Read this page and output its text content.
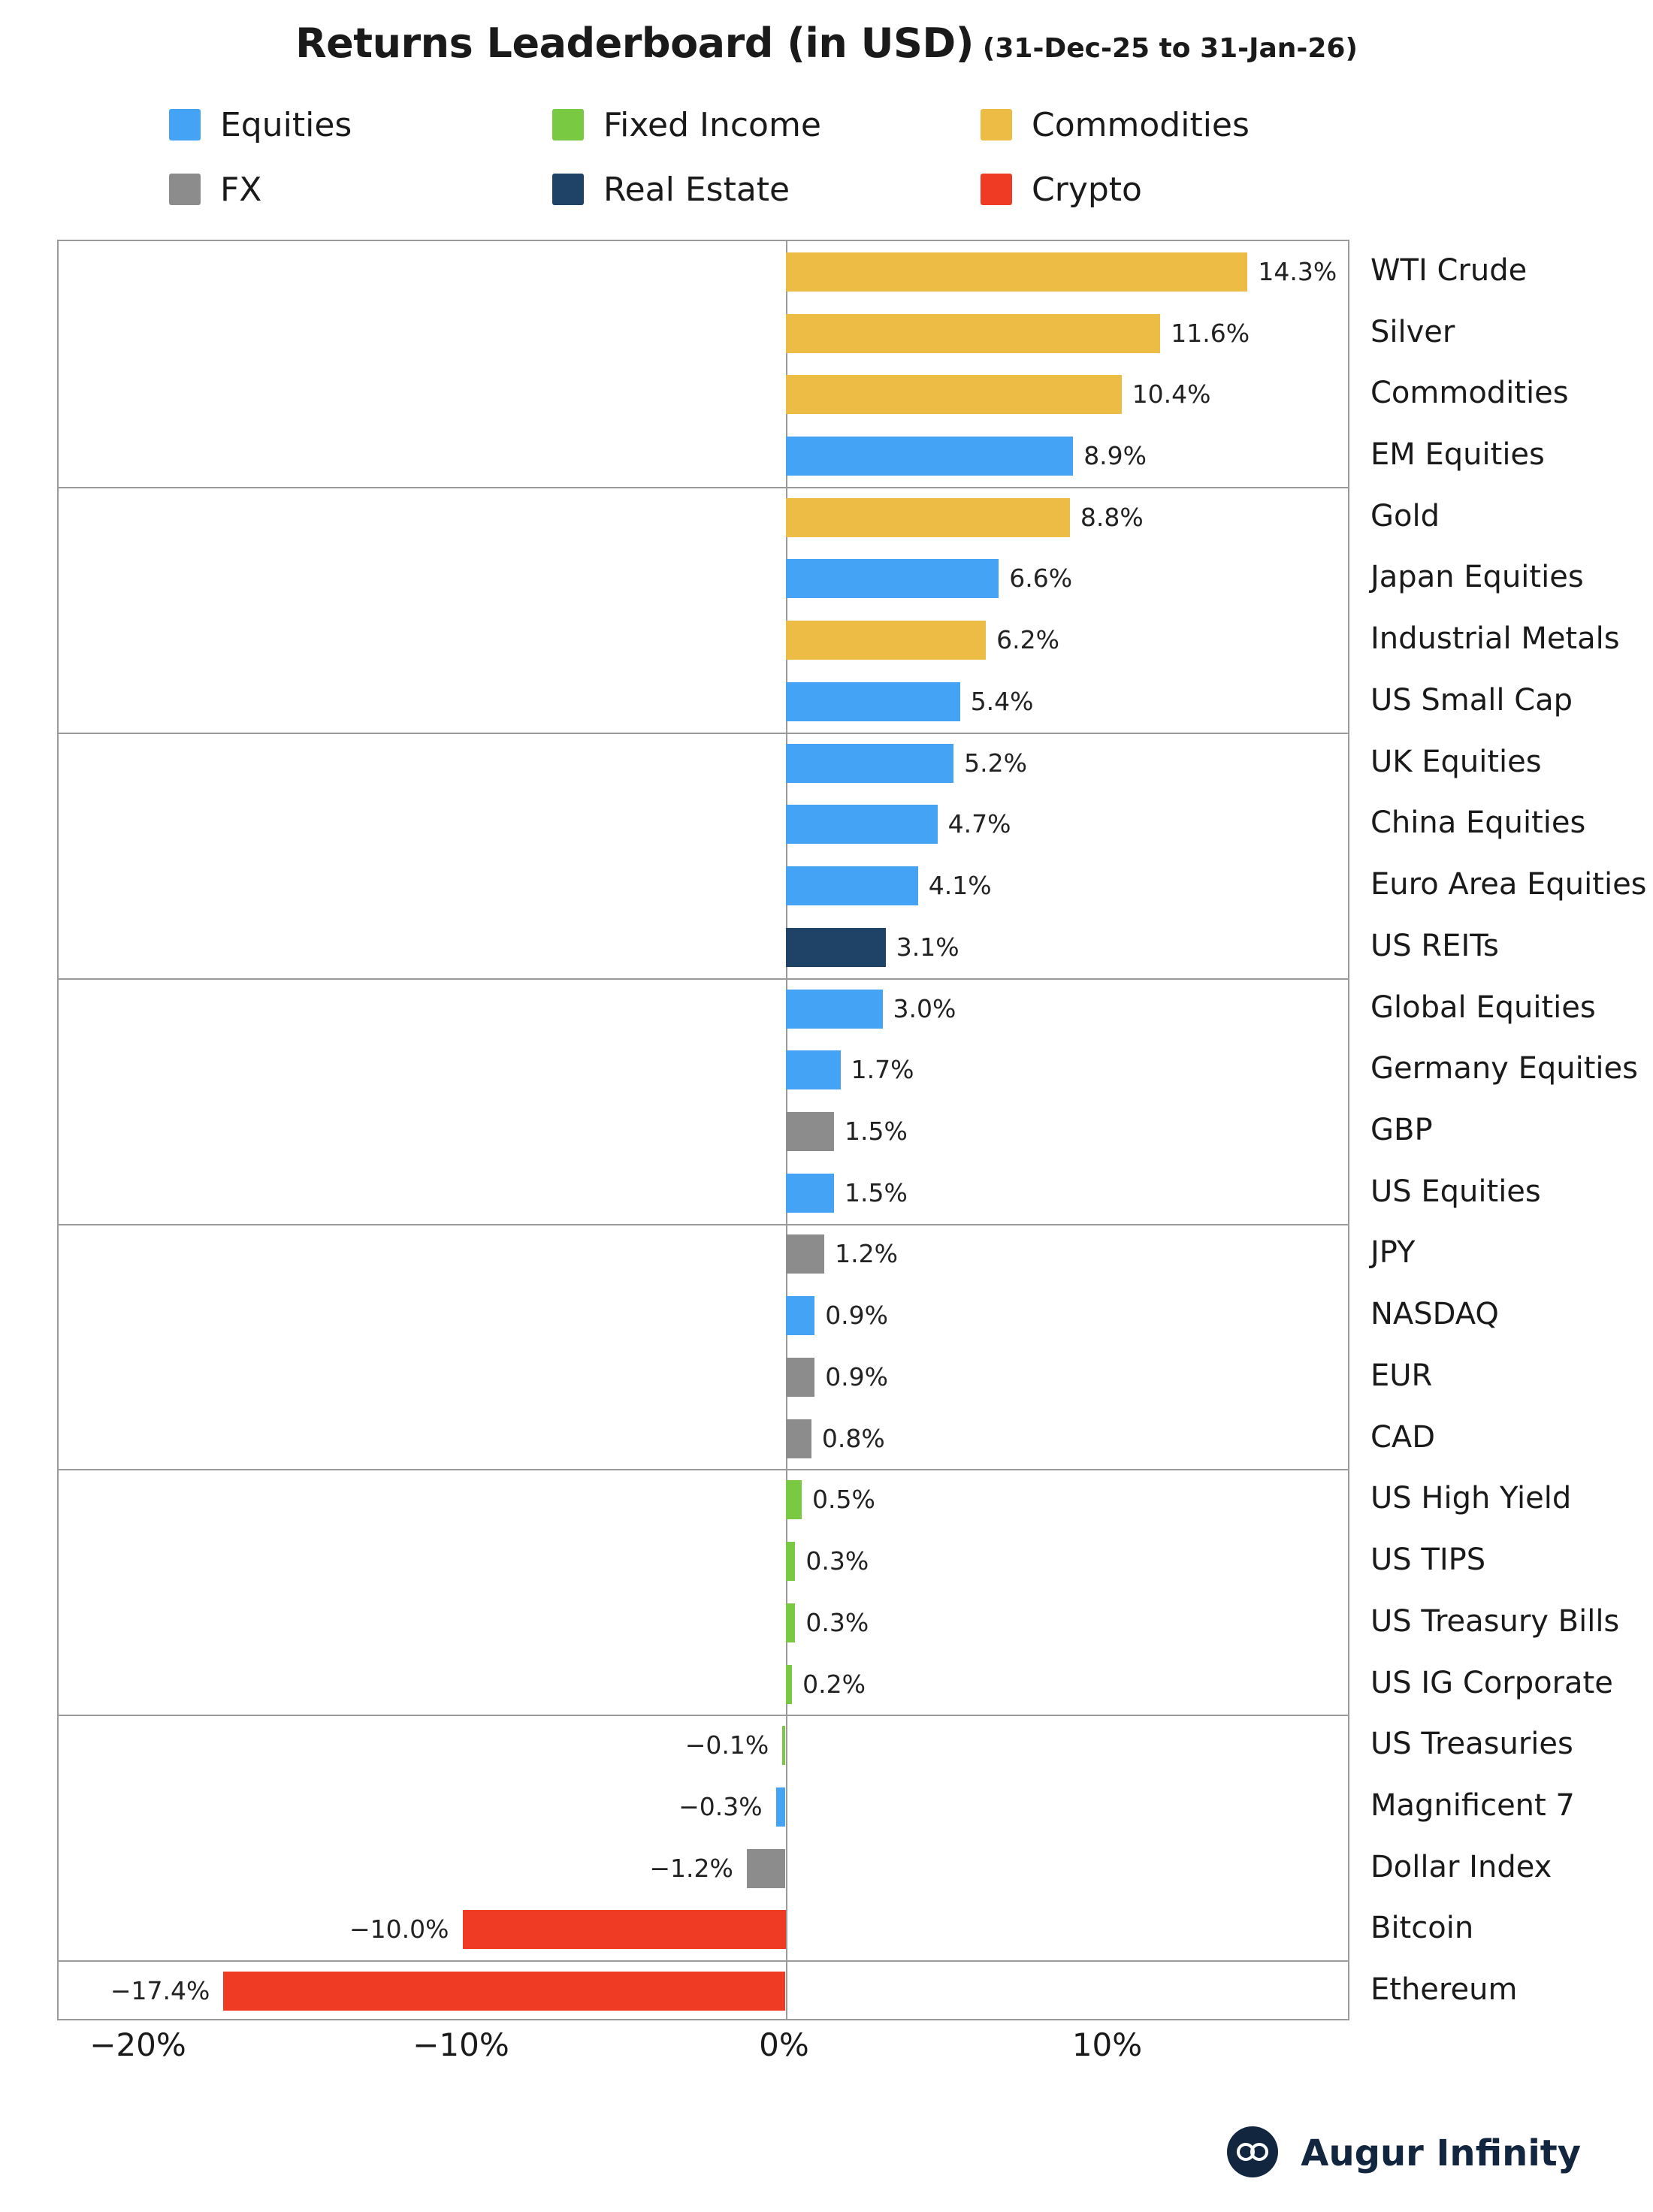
Returns Leaderboard (in USD) (31-Dec-25 to 31-Jan-26)
Equities	Fixed Income	Commodities
FX	Real Estate	Crypto
14.3%
11.6%
10.4%
8.9%
8.8%
6.6%
6.2%
5.4%
5.2%
4.7%
4.1%
3.1%
3.0%
1.7%
1.5%
1.5%
1.2%
0.9%
0.9%
0.8%
0.5%
0.3%
0.3%
0.2%
−0.1%
−0.3%
−1.2%
−10.0%
−17.4%
−20%	−10%	0%	10%
WTI Crude
Silver
Commodities
EM Equities
Gold
Japan Equities
Industrial Metals
US Small Cap
UK Equities
China Equities
Euro Area Equities
US REITs
Global Equities
Germany Equities
GBP
US Equities
JPY
NASDAQ
EUR
CAD
US High Yield
US TIPS
US Treasury Bills
US IG Corporate
US Treasuries
Magnificent 7
Dollar Index
Bitcoin
Ethereum
Augur Infinity
